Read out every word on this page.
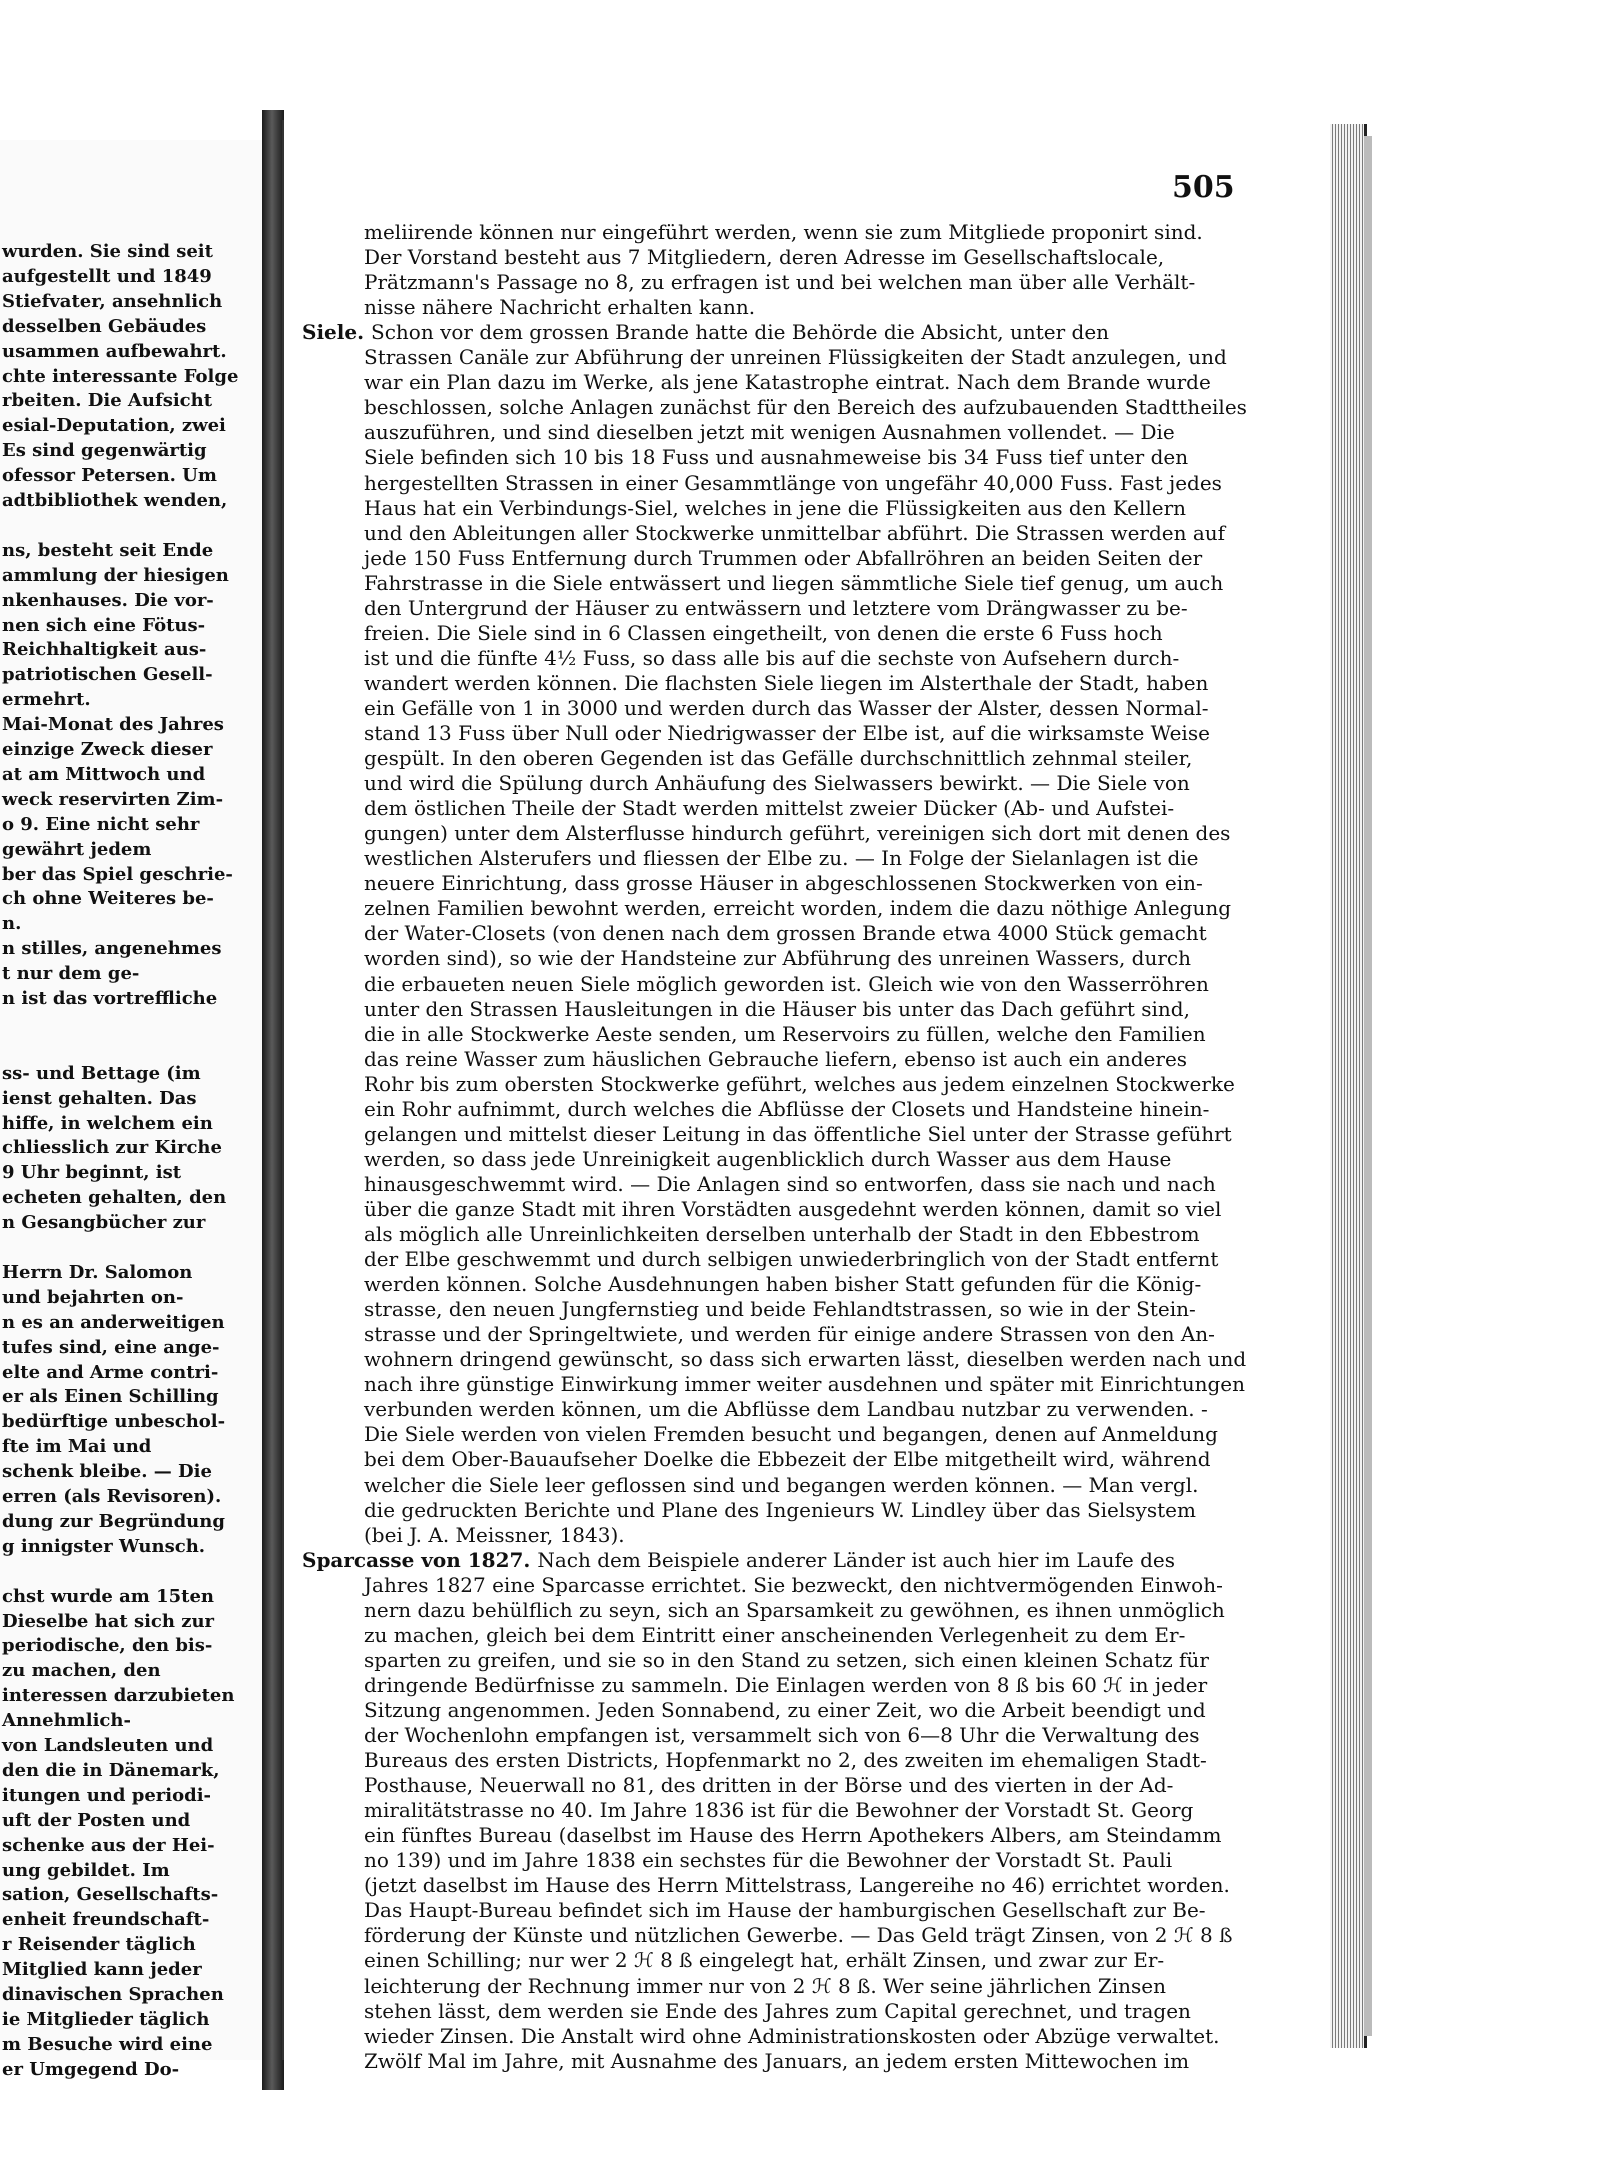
wurden. Sie sind seit
aufgestellt und 1849
Stiefvater, ansehnlich
desselben Gebäudes
usammen aufbewahrt.
chte interessante Folge
rbeiten. Die Aufsicht
esial-Deputation, zwei
Es sind gegenwärtig
ofessor Petersen. Um
adtbibliothek wenden,
ns, besteht seit Ende
ammlung der hiesigen
nkenhauses. Die vor-
nen sich eine Fötus-
Reichhaltigkeit aus-
patriotischen Gesell-
ermehrt.
Mai-Monat des Jahres
einzige Zweck dieser
at am Mittwoch und
weck reservirten Zim-
o 9. Eine nicht sehr
gewährt jedem
ber das Spiel geschrie-
ch ohne Weiteres be-
n.
n stilles, angenehmes
t nur dem ge-
n ist das vortreffliche
ss- und Bettage (im
ienst gehalten. Das
hiffe, in welchem ein
chliesslich zur Kirche
9 Uhr beginnt, ist
echeten gehalten, den
n Gesangbücher zur
Herrn Dr. Salomon
und bejahrten on-
n es an anderweitigen
tufes sind, eine ange-
elte and Arme contri-
er als Einen Schilling
bedürftige unbeschol-
fte im Mai und
schenk bleibe. — Die
erren (als Revisoren).
dung zur Begründung
g innigster Wunsch.
chst wurde am 15ten
Dieselbe hat sich zur
periodische, den bis-
zu machen, den
interessen darzubieten
Annehmlich-
von Landsleuten und
den die in Dänemark,
itungen und periodi-
uft der Posten und
schenke aus der Hei-
ung gebildet. Im
sation, Gesellschafts-
enheit freundschaft-
r Reisender täglich
Mitglied kann jeder
dinavischen Sprachen
ie Mitglieder täglich
m Besuche wird eine
er Umgegend Do-
505
meliirende können nur eingeführt werden, wenn sie zum Mitgliede proponirt sind.
Der Vorstand besteht aus 7 Mitgliedern, deren Adresse im Gesellschaftslocale,
Prätzmann's Passage no 8, zu erfragen ist und bei welchen man über alle Verhält-
nisse nähere Nachricht erhalten kann.
Siele. Schon vor dem grossen Brande hatte die Behörde die Absicht, unter den
Strassen Canäle zur Abführung der unreinen Flüssigkeiten der Stadt anzulegen, und
war ein Plan dazu im Werke, als jene Katastrophe eintrat. Nach dem Brande wurde
beschlossen, solche Anlagen zunächst für den Bereich des aufzubauenden Stadttheiles
auszuführen, und sind dieselben jetzt mit wenigen Ausnahmen vollendet. — Die
Siele befinden sich 10 bis 18 Fuss und ausnahmeweise bis 34 Fuss tief unter den
hergestellten Strassen in einer Gesammtlänge von ungefähr 40,000 Fuss. Fast jedes
Haus hat ein Verbindungs-Siel, welches in jene die Flüssigkeiten aus den Kellern
und den Ableitungen aller Stockwerke unmittelbar abführt. Die Strassen werden auf
jede 150 Fuss Entfernung durch Trummen oder Abfallröhren an beiden Seiten der
Fahrstrasse in die Siele entwässert und liegen sämmtliche Siele tief genug, um auch
den Untergrund der Häuser zu entwässern und letztere vom Drängwasser zu be-
freien. Die Siele sind in 6 Classen eingetheilt, von denen die erste 6 Fuss hoch
ist und die fünfte 4½ Fuss, so dass alle bis auf die sechste von Aufsehern durch-
wandert werden können. Die flachsten Siele liegen im Alsterthale der Stadt, haben
ein Gefälle von 1 in 3000 und werden durch das Wasser der Alster, dessen Normal-
stand 13 Fuss über Null oder Niedrigwasser der Elbe ist, auf die wirksamste Weise
gespült. In den oberen Gegenden ist das Gefälle durchschnittlich zehnmal steiler,
und wird die Spülung durch Anhäufung des Sielwassers bewirkt. — Die Siele von
dem östlichen Theile der Stadt werden mittelst zweier Dücker (Ab- und Aufstei-
gungen) unter dem Alsterflusse hindurch geführt, vereinigen sich dort mit denen des
westlichen Alsterufers und fliessen der Elbe zu. — In Folge der Sielanlagen ist die
neuere Einrichtung, dass grosse Häuser in abgeschlossenen Stockwerken von ein-
zelnen Familien bewohnt werden, erreicht worden, indem die dazu nöthige Anlegung
der Water-Closets (von denen nach dem grossen Brande etwa 4000 Stück gemacht
worden sind), so wie der Handsteine zur Abführung des unreinen Wassers, durch
die erbaueten neuen Siele möglich geworden ist. Gleich wie von den Wasserröhren
unter den Strassen Hausleitungen in die Häuser bis unter das Dach geführt sind,
die in alle Stockwerke Aeste senden, um Reservoirs zu füllen, welche den Familien
das reine Wasser zum häuslichen Gebrauche liefern, ebenso ist auch ein anderes
Rohr bis zum obersten Stockwerke geführt, welches aus jedem einzelnen Stockwerke
ein Rohr aufnimmt, durch welches die Abflüsse der Closets und Handsteine hinein-
gelangen und mittelst dieser Leitung in das öffentliche Siel unter der Strasse geführt
werden, so dass jede Unreinigkeit augenblicklich durch Wasser aus dem Hause
hinausgeschwemmt wird. — Die Anlagen sind so entworfen, dass sie nach und nach
über die ganze Stadt mit ihren Vorstädten ausgedehnt werden können, damit so viel
als möglich alle Unreinlichkeiten derselben unterhalb der Stadt in den Ebbestrom
der Elbe geschwemmt und durch selbigen unwiederbringlich von der Stadt entfernt
werden können. Solche Ausdehnungen haben bisher Statt gefunden für die König-
strasse, den neuen Jungfernstieg und beide Fehlandtstrassen, so wie in der Stein-
strasse und der Springeltwiete, und werden für einige andere Strassen von den An-
wohnern dringend gewünscht, so dass sich erwarten lässt, dieselben werden nach und
nach ihre günstige Einwirkung immer weiter ausdehnen und später mit Einrichtungen
verbunden werden können, um die Abflüsse dem Landbau nutzbar zu verwenden. -
Die Siele werden von vielen Fremden besucht und begangen, denen auf Anmeldung
bei dem Ober-Bauaufseher Doelke die Ebbezeit der Elbe mitgetheilt wird, während
welcher die Siele leer geflossen sind und begangen werden können. — Man vergl.
die gedruckten Berichte und Plane des Ingenieurs W. Lindley über das Sielsystem
(bei J. A. Meissner, 1843).
Sparcasse von 1827. Nach dem Beispiele anderer Länder ist auch hier im Laufe des
Jahres 1827 eine Sparcasse errichtet. Sie bezweckt, den nichtvermögenden Einwoh-
nern dazu behülflich zu seyn, sich an Sparsamkeit zu gewöhnen, es ihnen unmöglich
zu machen, gleich bei dem Eintritt einer anscheinenden Verlegenheit zu dem Er-
sparten zu greifen, und sie so in den Stand zu setzen, sich einen kleinen Schatz für
dringende Bedürfnisse zu sammeln. Die Einlagen werden von 8 ß bis 60 ℋ in jeder
Sitzung angenommen. Jeden Sonnabend, zu einer Zeit, wo die Arbeit beendigt und
der Wochenlohn empfangen ist, versammelt sich von 6—8 Uhr die Verwaltung des
Bureaus des ersten Districts, Hopfenmarkt no 2, des zweiten im ehemaligen Stadt-
Posthause, Neuerwall no 81, des dritten in der Börse und des vierten in der Ad-
miralitätstrasse no 40. Im Jahre 1836 ist für die Bewohner der Vorstadt St. Georg
ein fünftes Bureau (daselbst im Hause des Herrn Apothekers Albers, am Steindamm
no 139) und im Jahre 1838 ein sechstes für die Bewohner der Vorstadt St. Pauli
(jetzt daselbst im Hause des Herrn Mittelstrass, Langereihe no 46) errichtet worden.
Das Haupt-Bureau befindet sich im Hause der hamburgischen Gesellschaft zur Be-
förderung der Künste und nützlichen Gewerbe. — Das Geld trägt Zinsen, von 2 ℋ 8 ß
einen Schilling; nur wer 2 ℋ 8 ß eingelegt hat, erhält Zinsen, und zwar zur Er-
leichterung der Rechnung immer nur von 2 ℋ 8 ß. Wer seine jährlichen Zinsen
stehen lässt, dem werden sie Ende des Jahres zum Capital gerechnet, und tragen
wieder Zinsen. Die Anstalt wird ohne Administrationskosten oder Abzüge verwaltet.
Zwölf Mal im Jahre, mit Ausnahme des Januars, an jedem ersten Mittewochen im
